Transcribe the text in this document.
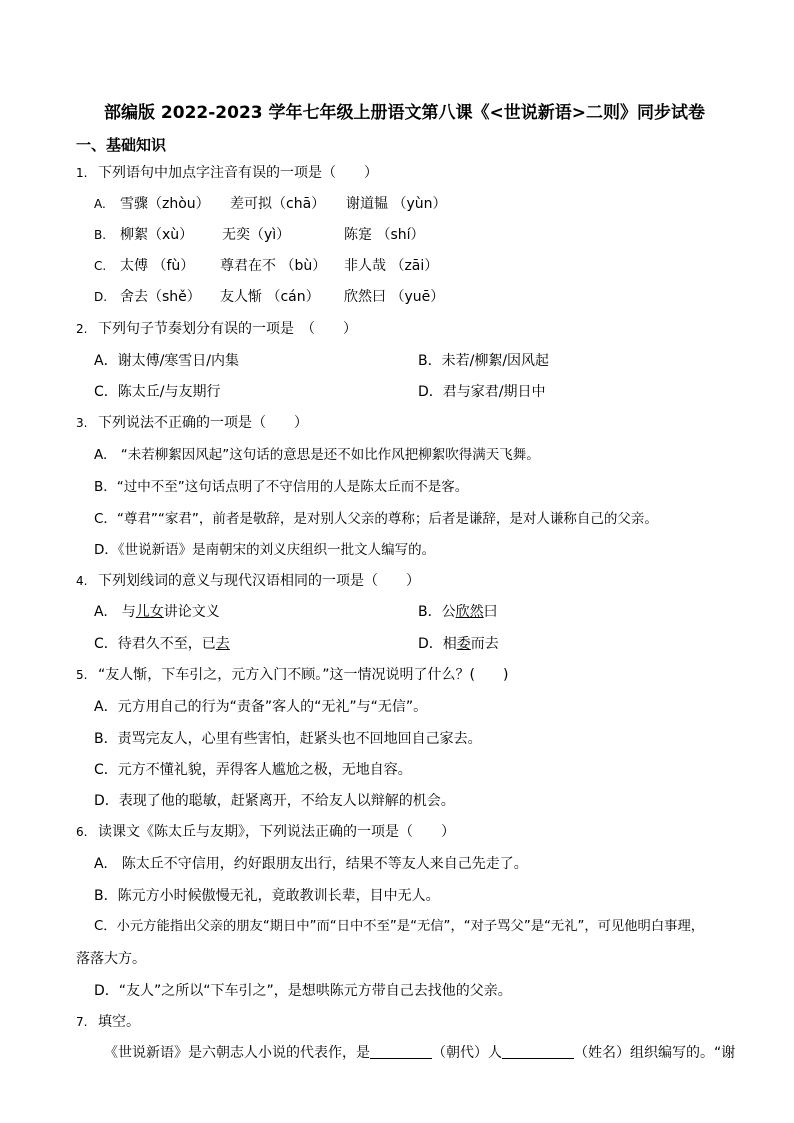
部编版 2022-2023 学年七年级上册语文第八课《<世说新语>二则》同步试卷
一、基础知识
1. 下列语句中加点字注音有误的一项是（　　）
A. 雪骤（zhòu） 差可拟（chā） 谢道韫 （yùn）
B. 柳絮（xù） 无奕（yì）	陈寔 （shí）
C. 太傅 （fù） 尊君在不 （bù） 非人哉 （zāi）
D. 舍去（shě） 友人惭 （cán） 欣然曰 （yuē）
2. 下列句子节奏划分有误的一项是　（　　）
A．谢太傅/寒雪日/内集	B．未若/柳絮/因风起
C．陈太丘/与友期行	D．君与家君/期日中
3. 下列说法不正确的一项是（　　）
A.　“未若柳絮因风起”这句话的意思是还不如比作风把柳絮吹得满天飞舞。
B．“过中不至”这句话点明了不守信用的人是陈太丘而不是客。
C．“尊君”“家君”，前者是敬辞，是对别人父亲的尊称；后者是谦辞，是对人谦称自己的父亲。
D．《世说新语》是南朝宋的刘义庆组织一批文人编写的。
4. 下列划线词的意义与现代汉语相同的一项是（　　）
A.　与儿女讲论文义	B．公欣然曰
C．待君久不至，已去	D．相委而去
5. “友人惭，下车引之，元方入门不顾。”这一情况说明了什么？(　　)
A．元方用自己的行为“责备”客人的“无礼”与“无信”。
B．责骂完友人，心里有些害怕，赶紧头也不回地回自己家去。
C．元方不懂礼貌，弄得客人尴尬之极，无地自容。
D．表现了他的聪敏，赶紧离开，不给友人以辩解的机会。
6. 读课文《陈太丘与友期》，下列说法正确的一项是（　　）
A.　陈太丘不守信用，约好跟朋友出行，结果不等友人来自己先走了。
B．陈元方小时候傲慢无礼，竟敢教训长辈，目中无人。
C．小元方能指出父亲的朋友“期日中”而“日中不至”是“无信”，“对子骂父”是“无礼”，可见他明白事理，
落落大方。
D．“友人”之所以“下车引之”，是想哄陈元方带自己去找他的父亲。
7. 填空。
《世说新语》是六朝志人小说的代表作，是	（朝代）人	（姓名）组织编写的。“谢
